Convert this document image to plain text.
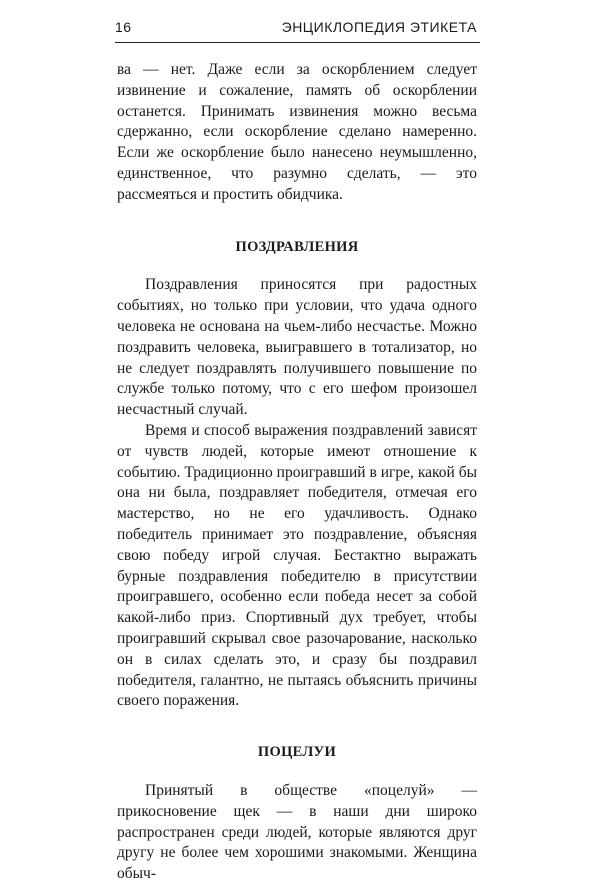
16	ЭНЦИКЛОПЕДИЯ ЭТИКЕТА

ва — нет. Даже если за оскорблением следует извинение и сожаление, память об оскорблении останется. Принимать извинения можно весьма сдержанно, если оскорбление сделано намеренно. Если же оскорбление было нанесено неумышленно, единственное, что разумно сделать, — это рассмеяться и простить обидчика.

ПОЗДРАВЛЕНИЯ

Поздравления приносятся при радостных событиях, но только при условии, что удача одного человека не основана на чьем-либо несчастье. Можно поздравить человека, выигравшего в тотализатор, но не следует поздравлять получившего повышение по службе только потому, что с его шефом произошел несчастный случай.

Время и способ выражения поздравлений зависят от чувств людей, которые имеют отношение к событию. Традиционно проигравший в игре, какой бы она ни была, поздравляет победителя, отмечая его мастерство, но не его удачливость. Однако победитель принимает это поздравление, объясняя свою победу игрой случая. Бестактно выражать бурные поздравления победителю в присутствии проигравшего, особенно если победа несет за собой какой-либо приз. Спортивный дух требует, чтобы проигравший скрывал свое разочарование, насколько он в силах сделать это, и сразу бы поздравил победителя, галантно, не пытаясь объяснить причины своего поражения.

ПОЦЕЛУИ

Принятый в обществе «поцелуй» — прикосновение щек — в наши дни широко распространен среди людей, которые являются друг другу не более чем хорошими знакомыми. Женщина обыч-
